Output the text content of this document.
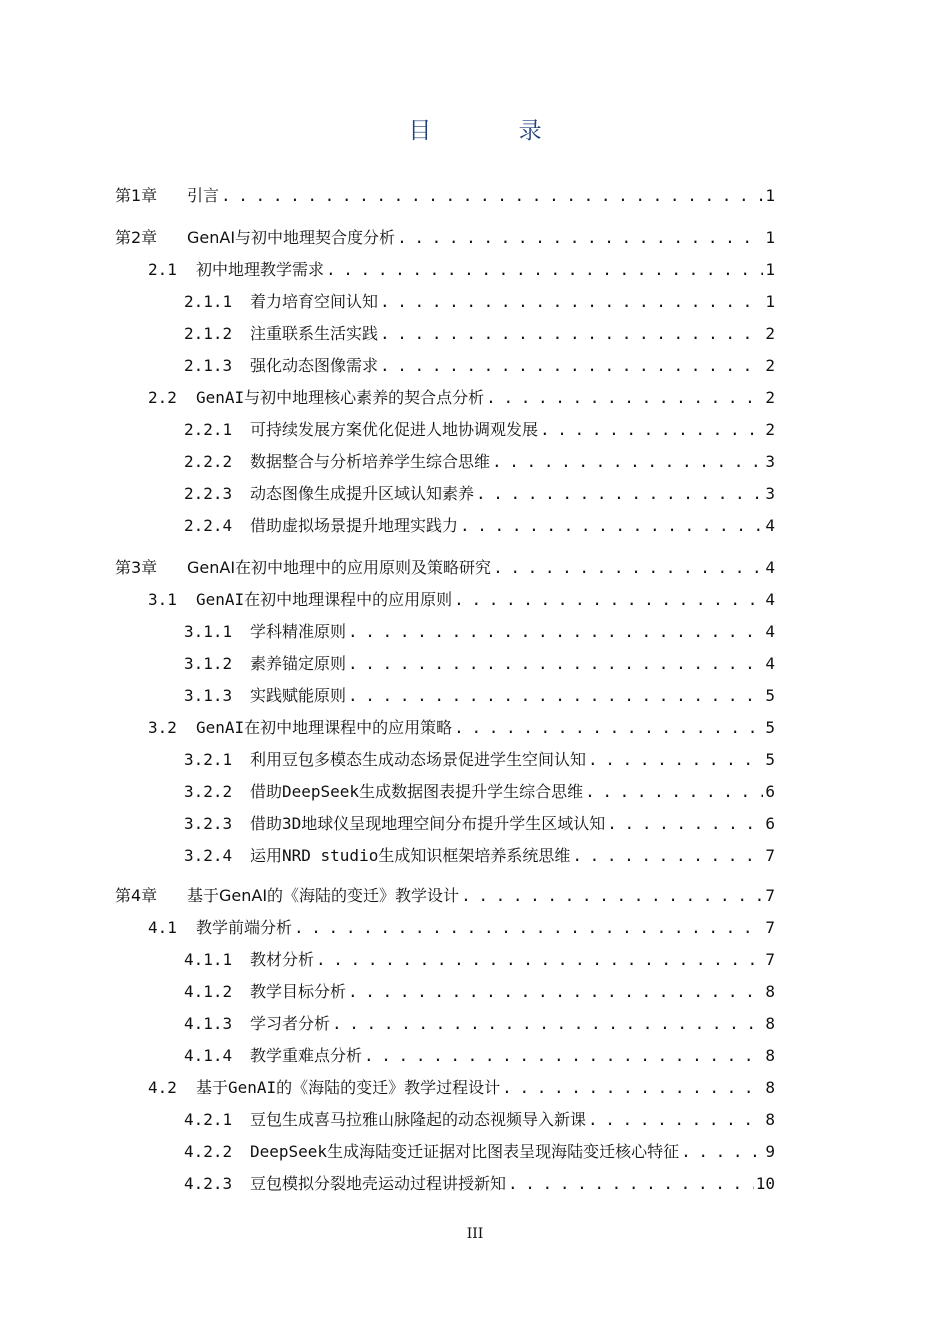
目 录
第1章	引言 . . .	1
第2章	GenAI与初中地理契合度分析 . . .	1
2.1	初中地理教学需求 . . .	1
2.1.1	着力培育空间认知 . . .	1
2.1.2	注重联系生活实践 . . .	2
2.1.3	强化动态图像需求 . . .	2
2.2	GenAI与初中地理核心素养的契合点分析 . . .	2
2.2.1	可持续发展方案优化促进人地协调观发展 . . .	2
2.2.2	数据整合与分析培养学生综合思维 . . .	3
2.2.3	动态图像生成提升区域认知素养 . . .	3
2.2.4	借助虚拟场景提升地理实践力 . . .	4
第3章	GenAI在初中地理中的应用原则及策略研究 . . .	4
3.1	GenAI在初中地理课程中的应用原则 . . .	4
3.1.1	学科精准原则 . . .	4
3.1.2	素养锚定原则 . . .	4
3.1.3	实践赋能原则 . . .	5
3.2	GenAI在初中地理课程中的应用策略 . . .	5
3.2.1	利用豆包多模态生成动态场景促进学生空间认知 . . .	5
3.2.2	借助DeepSeek生成数据图表提升学生综合思维 . . .	6
3.2.3	借助3D地球仪呈现地理空间分布提升学生区域认知 . . .	6
3.2.4	运用NRD studio生成知识框架培养系统思维 . . .	7
第4章	基于GenAI的《海陆的变迁》教学设计 . . .	7
4.1	教学前端分析 . . .	7
4.1.1	教材分析 . . .	7
4.1.2	教学目标分析 . . .	8
4.1.3	学习者分析 . . .	8
4.1.4	教学重难点分析 . . .	8
4.2	基于GenAI的《海陆的变迁》教学过程设计 . . .	8
4.2.1	豆包生成喜马拉雅山脉隆起的动态视频导入新课 . . .	8
4.2.2	DeepSeek生成海陆变迁证据对比图表呈现海陆变迁核心特征 . . .	9
4.2.3	豆包模拟分裂地壳运动过程讲授新知 . . .	10
III
